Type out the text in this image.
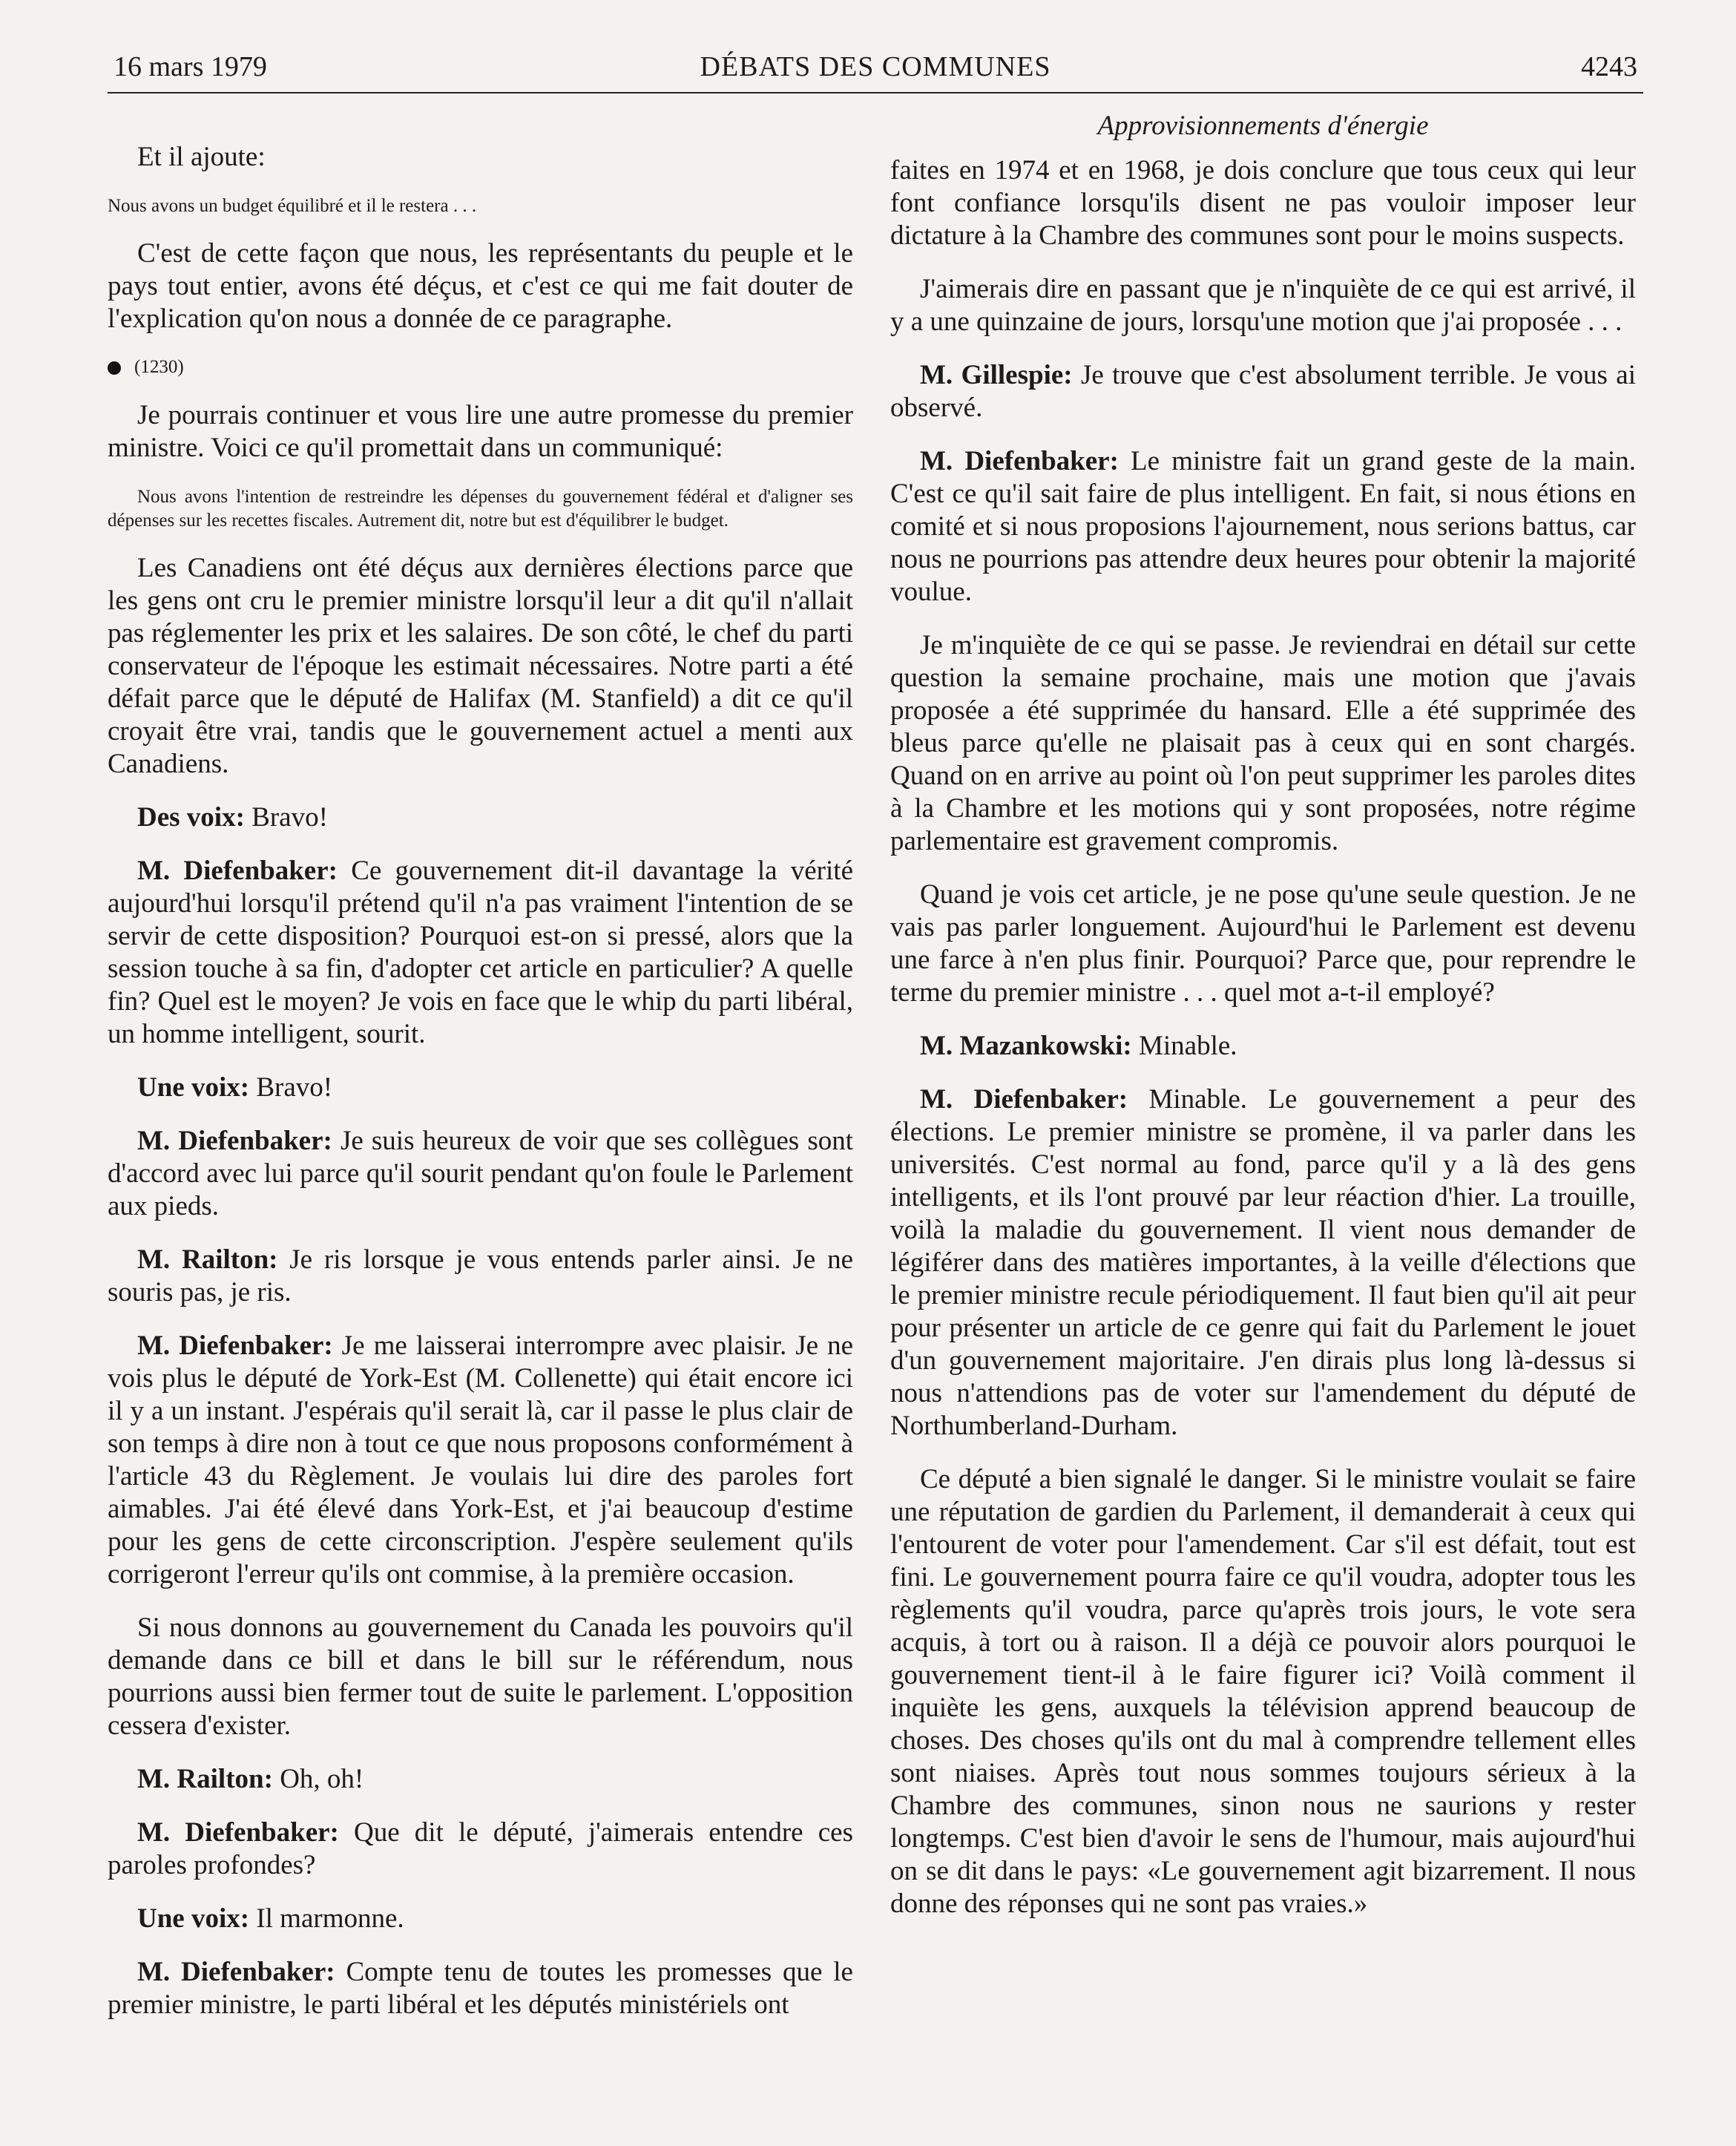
16 mars 1979	DÉBATS DES COMMUNES	4243
Approvisionnements d'énergie

Et il ajoute:

Nous avons un budget équilibré et il le restera . . .

C'est de cette façon que nous, les représentants du peuple et le pays tout entier, avons été déçus, et c'est ce qui me fait douter de l'explication qu'on nous a donnée de ce paragraphe.

(1230)

Je pourrais continuer et vous lire une autre promesse du premier ministre. Voici ce qu'il promettait dans un communiqué:

Nous avons l'intention de restreindre les dépenses du gouvernement fédéral et d'aligner ses dépenses sur les recettes fiscales. Autrement dit, notre but est d'équilibrer le budget.

Les Canadiens ont été déçus aux dernières élections parce que les gens ont cru le premier ministre lorsqu'il leur a dit qu'il n'allait pas réglementer les prix et les salaires. De son côté, le chef du parti conservateur de l'époque les estimait nécessaires. Notre parti a été défait parce que le député de Halifax (M. Stanfield) a dit ce qu'il croyait être vrai, tandis que le gouvernement actuel a menti aux Canadiens.

Des voix: Bravo!

M. Diefenbaker: Ce gouvernement dit-il davantage la vérité aujourd'hui lorsqu'il prétend qu'il n'a pas vraiment l'intention de se servir de cette disposition? Pourquoi est-on si pressé, alors que la session touche à sa fin, d'adopter cet article en particulier? A quelle fin? Quel est le moyen? Je vois en face que le whip du parti libéral, un homme intelligent, sourit.

Une voix: Bravo!

M. Diefenbaker: Je suis heureux de voir que ses collègues sont d'accord avec lui parce qu'il sourit pendant qu'on foule le Parlement aux pieds.

M. Railton: Je ris lorsque je vous entends parler ainsi. Je ne souris pas, je ris.

M. Diefenbaker: Je me laisserai interrompre avec plaisir. Je ne vois plus le député de York-Est (M. Collenette) qui était encore ici il y a un instant. J'espérais qu'il serait là, car il passe le plus clair de son temps à dire non à tout ce que nous proposons conformément à l'article 43 du Règlement. Je voulais lui dire des paroles fort aimables. J'ai été élevé dans York-Est, et j'ai beaucoup d'estime pour les gens de cette circonscription. J'espère seulement qu'ils corrigeront l'erreur qu'ils ont commise, à la première occasion.

Si nous donnons au gouvernement du Canada les pouvoirs qu'il demande dans ce bill et dans le bill sur le référendum, nous pourrions aussi bien fermer tout de suite le parlement. L'opposition cessera d'exister.

M. Railton: Oh, oh!

M. Diefenbaker: Que dit le député, j'aimerais entendre ces paroles profondes?

Une voix: Il marmonne.

M. Diefenbaker: Compte tenu de toutes les promesses que le premier ministre, le parti libéral et les députés ministériels ont

faites en 1974 et en 1968, je dois conclure que tous ceux qui leur font confiance lorsqu'ils disent ne pas vouloir imposer leur dictature à la Chambre des communes sont pour le moins suspects.

J'aimerais dire en passant que je n'inquiète de ce qui est arrivé, il y a une quinzaine de jours, lorsqu'une motion que j'ai proposée . . .

M. Gillespie: Je trouve que c'est absolument terrible. Je vous ai observé.

M. Diefenbaker: Le ministre fait un grand geste de la main. C'est ce qu'il sait faire de plus intelligent. En fait, si nous étions en comité et si nous proposions l'ajournement, nous serions battus, car nous ne pourrions pas attendre deux heures pour obtenir la majorité voulue.

Je m'inquiète de ce qui se passe. Je reviendrai en détail sur cette question la semaine prochaine, mais une motion que j'avais proposée a été supprimée du hansard. Elle a été supprimée des bleus parce qu'elle ne plaisait pas à ceux qui en sont chargés. Quand on en arrive au point où l'on peut supprimer les paroles dites à la Chambre et les motions qui y sont proposées, notre régime parlementaire est gravement compromis.

Quand je vois cet article, je ne pose qu'une seule question. Je ne vais pas parler longuement. Aujourd'hui le Parlement est devenu une farce à n'en plus finir. Pourquoi? Parce que, pour reprendre le terme du premier ministre . . . quel mot a-t-il employé?

M. Mazankowski: Minable.

M. Diefenbaker: Minable. Le gouvernement a peur des élections. Le premier ministre se promène, il va parler dans les universités. C'est normal au fond, parce qu'il y a là des gens intelligents, et ils l'ont prouvé par leur réaction d'hier. La trouille, voilà la maladie du gouvernement. Il vient nous demander de légiférer dans des matières importantes, à la veille d'élections que le premier ministre recule périodiquement. Il faut bien qu'il ait peur pour présenter un article de ce genre qui fait du Parlement le jouet d'un gouvernement majoritaire. J'en dirais plus long là-dessus si nous n'attendions pas de voter sur l'amendement du député de Northumberland-Durham.

Ce député a bien signalé le danger. Si le ministre voulait se faire une réputation de gardien du Parlement, il demanderait à ceux qui l'entourent de voter pour l'amendement. Car s'il est défait, tout est fini. Le gouvernement pourra faire ce qu'il voudra, adopter tous les règlements qu'il voudra, parce qu'après trois jours, le vote sera acquis, à tort ou à raison. Il a déjà ce pouvoir alors pourquoi le gouvernement tient-il à le faire figurer ici? Voilà comment il inquiète les gens, auxquels la télévision apprend beaucoup de choses. Des choses qu'ils ont du mal à comprendre tellement elles sont niaises. Après tout nous sommes toujours sérieux à la Chambre des communes, sinon nous ne saurions y rester longtemps. C'est bien d'avoir le sens de l'humour, mais aujourd'hui on se dit dans le pays: «Le gouvernement agit bizarrement. Il nous donne des réponses qui ne sont pas vraies.»
